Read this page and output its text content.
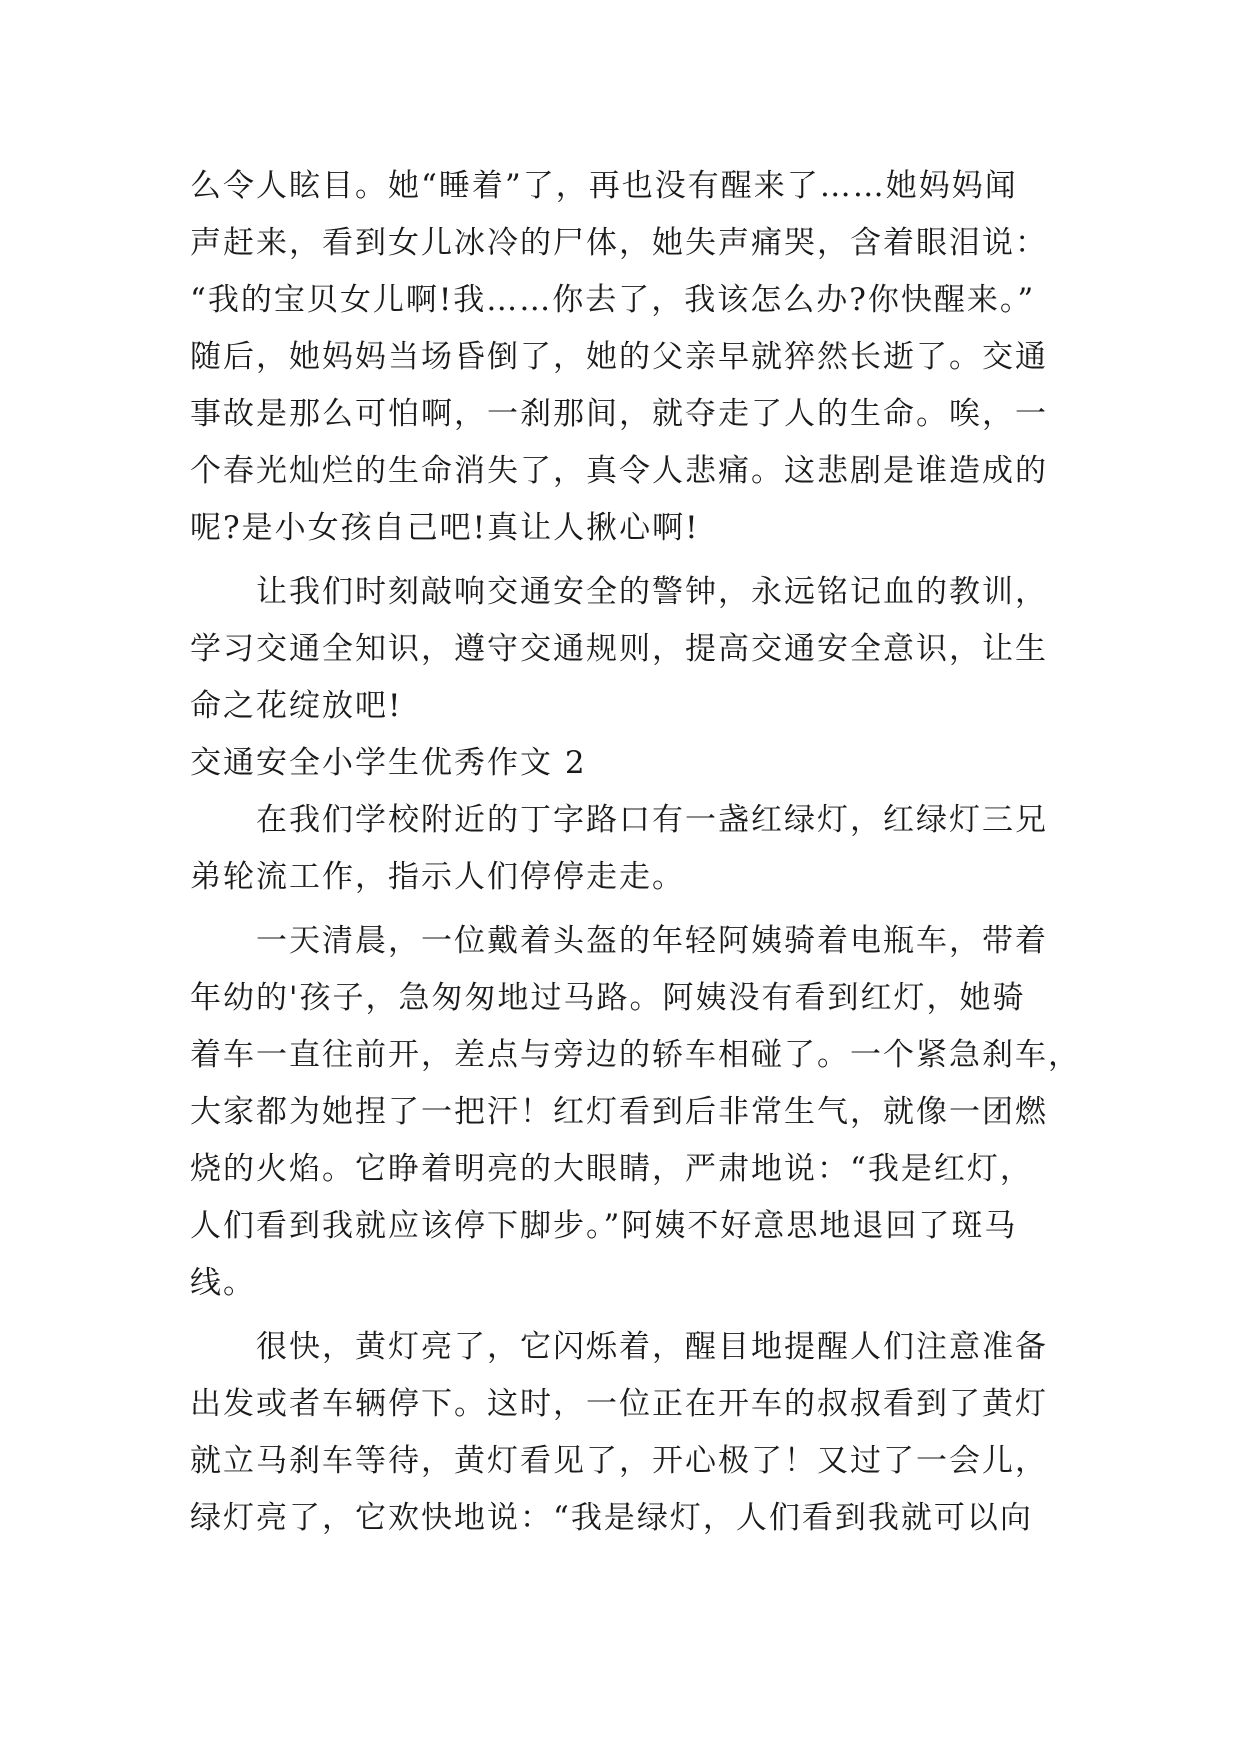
么令人眩目。她“睡着”了，再也没有醒来了……她妈妈闻
声赶来，看到女儿冰冷的尸体，她失声痛哭，含着眼泪说：
“我的宝贝女儿啊!我……你去了，我该怎么办?你快醒来。”
随后，她妈妈当场昏倒了，她的父亲早就猝然长逝了。交通
事故是那么可怕啊，一刹那间，就夺走了人的生命。唉，一
个春光灿烂的生命消失了，真令人悲痛。这悲剧是谁造成的
呢?是小女孩自己吧!真让人揪心啊!
让我们时刻敲响交通安全的警钟，永远铭记血的教训，
学习交通全知识，遵守交通规则，提高交通安全意识，让生
命之花绽放吧!
交通安全小学生优秀作文 2
在我们学校附近的丁字路口有一盏红绿灯，红绿灯三兄
弟轮流工作，指示人们停停走走。
一天清晨，一位戴着头盔的年轻阿姨骑着电瓶车，带着
年幼的'孩子，急匆匆地过马路。阿姨没有看到红灯，她骑
着车一直往前开，差点与旁边的轿车相碰了。一个紧急刹车，
大家都为她捏了一把汗！红灯看到后非常生气，就像一团燃
烧的火焰。它睁着明亮的大眼睛，严肃地说：“我是红灯，
人们看到我就应该停下脚步。”阿姨不好意思地退回了斑马
线。
很快，黄灯亮了，它闪烁着，醒目地提醒人们注意准备
出发或者车辆停下。这时，一位正在开车的叔叔看到了黄灯
就立马刹车等待，黄灯看见了，开心极了！又过了一会儿，
绿灯亮了，它欢快地说：“我是绿灯，人们看到我就可以向
